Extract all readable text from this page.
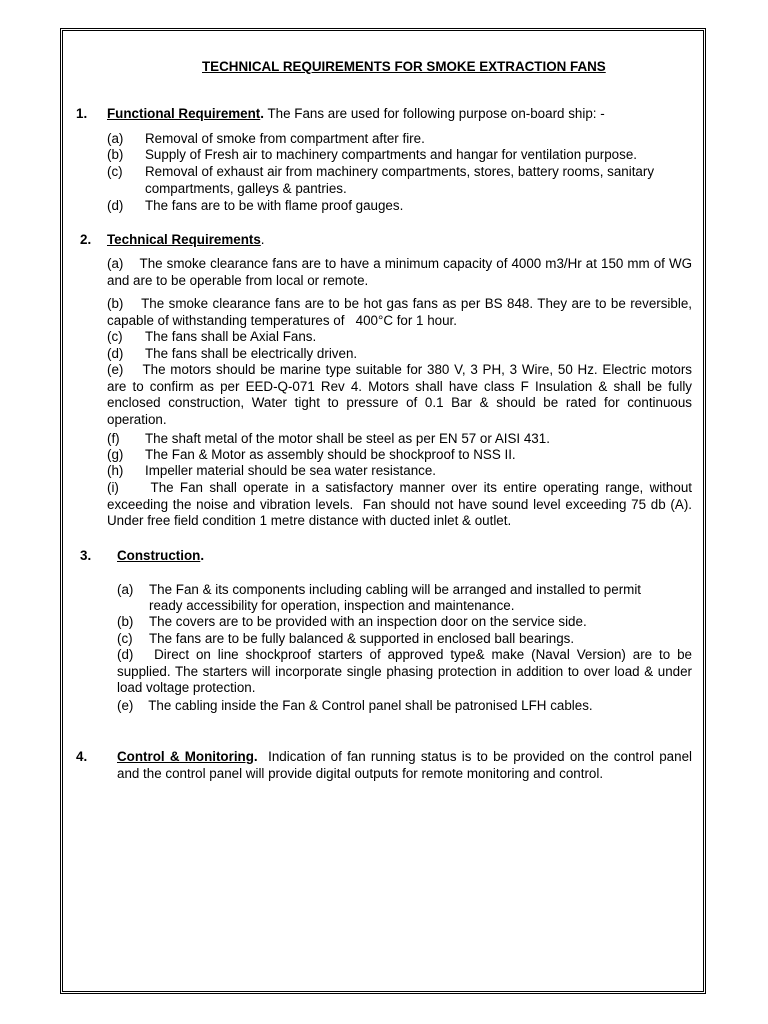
TECHNICAL REQUIREMENTS FOR SMOKE EXTRACTION FANS
1. Functional Requirement. The Fans are used for following purpose on-board ship: -
(a) Removal of smoke from compartment after fire.
(b) Supply of Fresh air to machinery compartments and hangar for ventilation purpose.
(c) Removal of exhaust air from machinery compartments, stores, battery rooms, sanitary
compartments, galleys & pantries.
(d) The fans are to be with flame proof gauges.
2. Technical Requirements.
(a)    The smoke clearance fans are to have a minimum capacity of 4000 m3/Hr at 150 mm of WG and are to be operable from local or remote.
(b)    The smoke clearance fans are to be hot gas fans as per BS 848. They are to be reversible, capable of withstanding temperatures of   400°C for 1 hour.
(c) The fans shall be Axial Fans.
(d) The fans shall be electrically driven.
(e)    The motors should be marine type suitable for 380 V, 3 PH, 3 Wire, 50 Hz. Electric motors are to confirm as per EED-Q-071 Rev 4. Motors shall have class F Insulation & shall be fully enclosed construction, Water tight to pressure of 0.1 Bar & should be rated for continuous operation.
(f) The shaft metal of the motor shall be steel as per EN 57 or AISI 431.
(g) The Fan & Motor as assembly should be shockproof to NSS II.
(h) Impeller material should be sea water resistance.
(i)     The Fan shall operate in a satisfactory manner over its entire operating range, without exceeding the noise and vibration levels.  Fan should not have sound level exceeding 75 db (A). Under free field condition 1 metre distance with ducted inlet & outlet.
3. Construction.
(a) The Fan & its components including cabling will be arranged and installed to permit
ready accessibility for operation, inspection and maintenance.
(b) The covers are to be provided with an inspection door on the service side.
(c) The fans are to be fully balanced & supported in enclosed ball bearings.
(d)   Direct on line shockproof starters of approved type& make (Naval Version) are to be supplied. The starters will incorporate single phasing protection in addition to over load & under load voltage protection.
(e)    The cabling inside the Fan & Control panel shall be patronised LFH cables.
4. Control & Monitoring.  Indication of fan running status is to be provided on the control panel and the control panel will provide digital outputs for remote monitoring and control.
